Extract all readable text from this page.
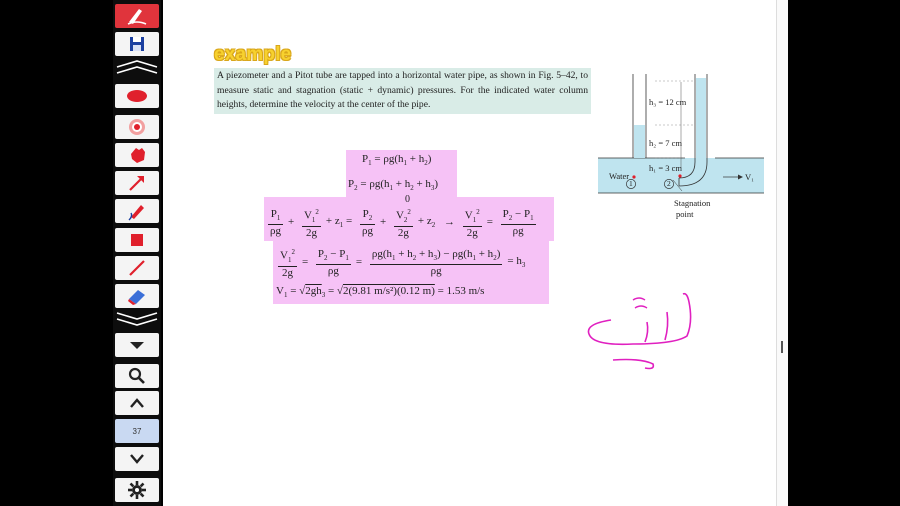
37
example
A piezometer and a Pitot tube are tapped into a horizontal water pipe, as shown in Fig. 5–42, to measure static and stagnation (static + dynamic) pressures. For the indicated water column heights, determine the velocity at the center of the pipe.	h₃ = 12 cm
h₂ = 7 cm
h₁ = 3 cm
Water
1	2
V₁
Stagnation
point
$P_1 = \rho g(h_1 + h_2)$
$P_2 = \rho g(h_1 + h_2 + h_3)$
0
$\frac{P_1}{\rho g} + \frac{V_1^2}{2g} + z_1 = \frac{P_2}{\rho g} + \frac{V_2^2}{2g} + z_2 \to \frac{V_1^2}{2g} = \frac{P_2 - P_1}{\rho g}$
$\frac{V_1^2}{2g} = \frac{P_2 - P_1}{\rho g} = \frac{\rho g(h_1 + h_2 + h_3) - \rho g(h_1 + h_2)}{\rho g} = h_3$
$V_1 = √2gh_3 = √2(9.81$ m/s²)(0.12 m) = 1.53 m/s
